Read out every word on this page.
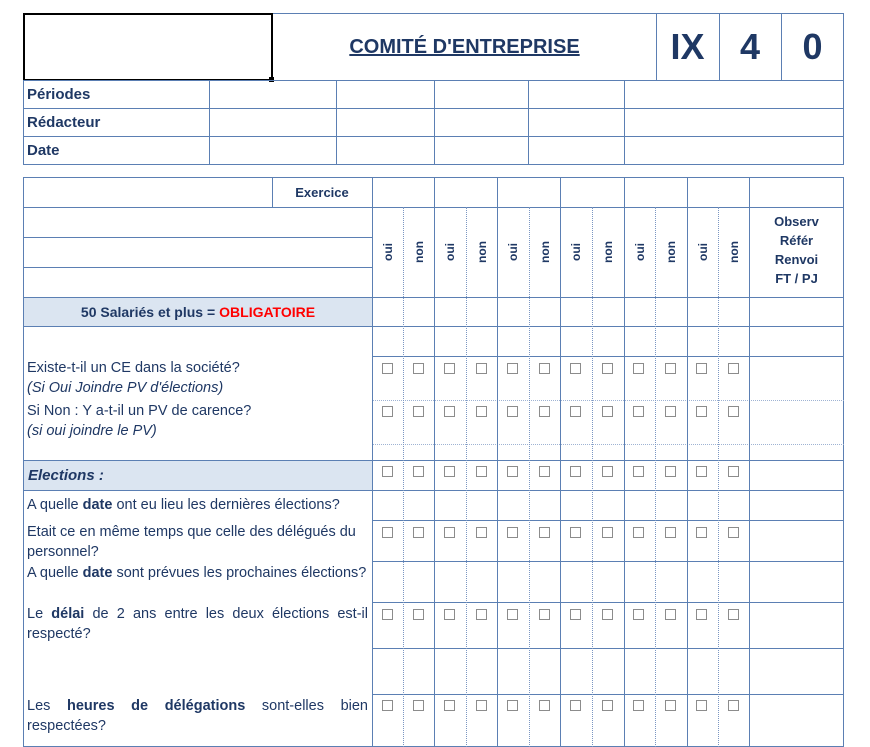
COMITÉ D'ENTREPRISE	IX 4	0
Périodes
Rédacteur
Date
Exercice
50 Salariés et plus = OBLIGATOIRE
oui non oui non oui non oui non oui non oui non
Observ
Référ
Renvoi
FT / PJ
Existe-t-il un CE dans la société?
(Si Oui Joindre PV d'élections)
Si Non : Y a-t-il un PV de carence?
(si oui joindre le PV)
Elections :
A quelle date ont eu lieu les dernières élections?
Etait ce en même temps que celle des délégués du personnel?
A quelle date sont prévues les prochaines élections?
Le délai de 2 ans entre les deux élections est-il respecté?
Les heures de délégations sont-elles bien respectées?
